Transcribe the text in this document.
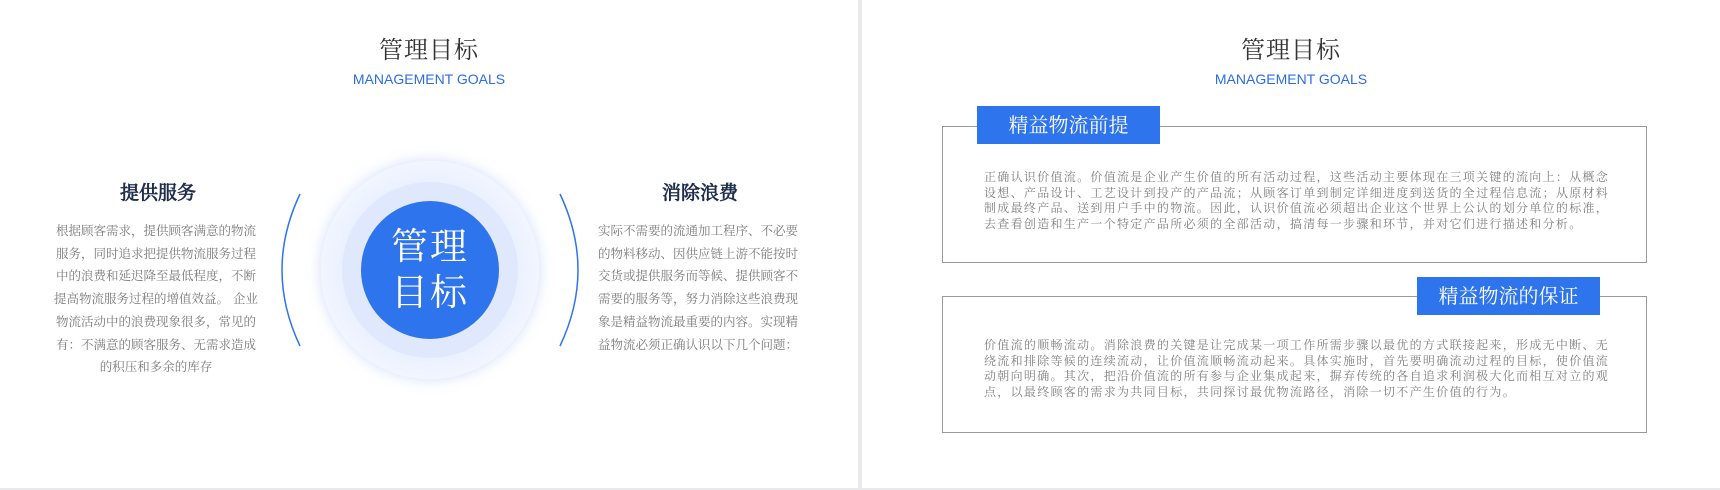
管理目标
MANAGEMENT GOALS
提供服务
根据顾客需求，提供顾客满意的物流服务，同时追求把提供物流服务过程中的浪费和延迟降至最低程度，不断提高物流服务过程的增值效益。 企业物流活动中的浪费现象很多，常见的有：不满意的顾客服务、无需求造成的积压和多余的库存
管理
目标
消除浪费
实际不需要的流通加工程序、不必要的物料移动、因供应链上游不能按时交货或提供服务而等候、提供顾客不需要的服务等，努力消除这些浪费现象是精益物流最重要的内容。实现精益物流必须正确认识以下几个问题：
管理目标
MANAGEMENT GOALS
精益物流前提
正确认识价值流。价值流是企业产生价值的所有活动过程，这些活动主要体现在三项关键的流向上：从概念设想、产品设计、工艺设计到投产的产品流；从顾客订单到制定详细进度到送货的全过程信息流；从原材料制成最终产品、送到用户手中的物流。因此，认识价值流必须超出企业这个世界上公认的划分单位的标准，去查看创造和生产一个特定产品所必须的全部活动，搞清每一步骤和环节，并对它们进行描述和分析。
精益物流的保证
价值流的顺畅流动。消除浪费的关键是让完成某一项工作所需步骤以最优的方式联接起来，形成无中断、无绕流和排除等候的连续流动，让价值流顺畅流动起来。具体实施时，首先要明确流动过程的目标，使价值流动朝向明确。其次，把沿价值流的所有参与企业集成起来，摒弃传统的各自追求利润极大化而相互对立的观点，以最终顾客的需求为共同目标，共同探讨最优物流路径，消除一切不产生价值的行为。
